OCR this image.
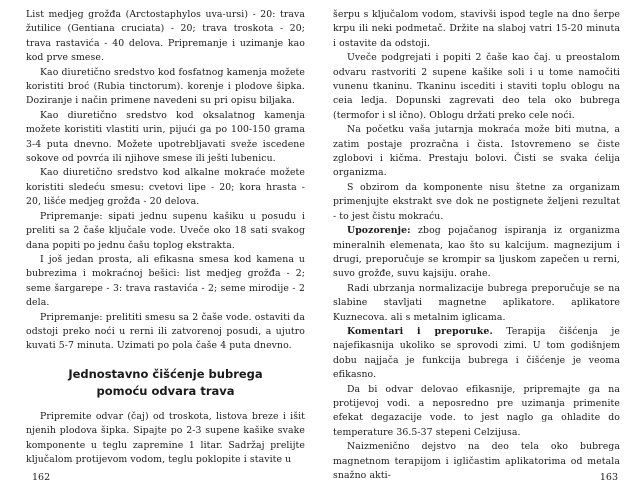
List medjeg grožđa (Arctostaphylos uva-ursi) - 20: trava žutilice (Gentiana cruciata) - 20; trava troskota - 20; trava rastavića - 40 delova. Pripremanje i uzimanje kao kod prve smese.

Kao diuretično sredstvo kod fosfatnog kamenja možete koristiti broć (Rubia tinctorum). korenje i plodove šipka. Doziranje i način primene navedeni su pri opisu biljaka.

Kao diuretično sredstvo kod oksalatnog kamenja možete koristiti vlastiti urin, pijući ga po 100-150 grama 3-4 puta dnevno. Možete upotrebljavati sveže iscedene sokove od povrća ili njihove smese ili ješti lubenicu.

Kao diuretično sredstvo kod alkalne mokraće možete koristiti sledeću smesu: cvetovi lipe - 20; kora hrasta - 20, lišće medjeg grožđa - 20 delova.

Pripremanje: sipati jednu supenu kašiku u posudu i preliti sa 2 čaše ključale vode. Uveče oko 18 sati svakog dana popiti po jednu čašu toplog ekstrakta.

I još jedan prosta, ali efikasna smesa kod kamena u bubrezima i mokraćnoj bešici: list medjeg grožđa - 2; seme šargarepe - 3: trava rastavića - 2; seme mirodije - 2 dela.

Pripremanje: prelititi smesu sa 2 čaše vode. ostaviti da odstoji preko noći u rerni ili zatvorenoj posudi, a ujutro kuvati 5-7 minuta. Uzimati po pola čaše 4 puta dnevno.

Jednostavno čišćenje bubrega pomoću odvara trava

Pripremite odvar (čaj) od troskota, listova breze i išit njenih plodova šipka. Sipajte po 2-3 supene kašike svake komponente u teglu zapremine 1 litar. Sadržaj prelijte ključalom protijevom vodom, teglu poklopite i stavite u

162

šerpu s ključalom vodom, stavivši ispod tegle na dno šerpe krpu ili neki podmetač. Držite na slaboj vatri 15-20 minuta i ostavite da odstoji.

Uveče podgrejati i popiti 2 čaše kao čaj. u preostalom odvaru rastvoriti 2 supene kašike soli i u tome namočiti vunenu tkaninu. Tkaninu iscediti i staviti toplu oblogu na ceia ledja. Dopunski zagrevati deo tela oko bubrega (termofor i sl ično). Oblogu držati preko cele noći.

Na početku vaša jutarnja mokraća može biti mutna, a zatim postaje prozračna i čista. Istovremeno se čiste zglobovi i kičma. Prestaju bolovi. Čisti se svaka ćelija organizma.

S obzirom da komponente nisu štetne za organizam primenjujte ekstrakt sve dok ne postignete željeni rezultat - to jest čistu mokraću.

Upozorenje: zbog pojačanog ispiranja iz organizma mineralnih elemenata, kao što su kalcijum. magnezijum i drugi, preporučuje se krompir sa ljuskom zapečen u rerni, suvo grožđe, suvu kajsiju. orahe.

Radi ubrzanja normalizacije bubrega preporučuje se na slabine stavljati magnetne aplikatore. aplikatore Kuznecova. ali s metalnim iglicama.

Komentari i preporuke. Terapija čišćenja je najefikasnija ukoliko se sprovodi zimi. U tom godišnjem dobu najjača je funkcija bubrega i čišćenje je veoma efikasno.

Da bi odvar delovao efikasnije, pripremajte ga na protijevoj vodi. a neposredno pre uzimanja primenite efekat degazacije vode. to jest naglo ga ohladite do temperature 36.5-37 stepeni Celzijusa.

Naizmenično dejstvo na deo tela oko bubrega magnetnom terapijom i igličastim aplikatorima od metala snažno akti-	163
